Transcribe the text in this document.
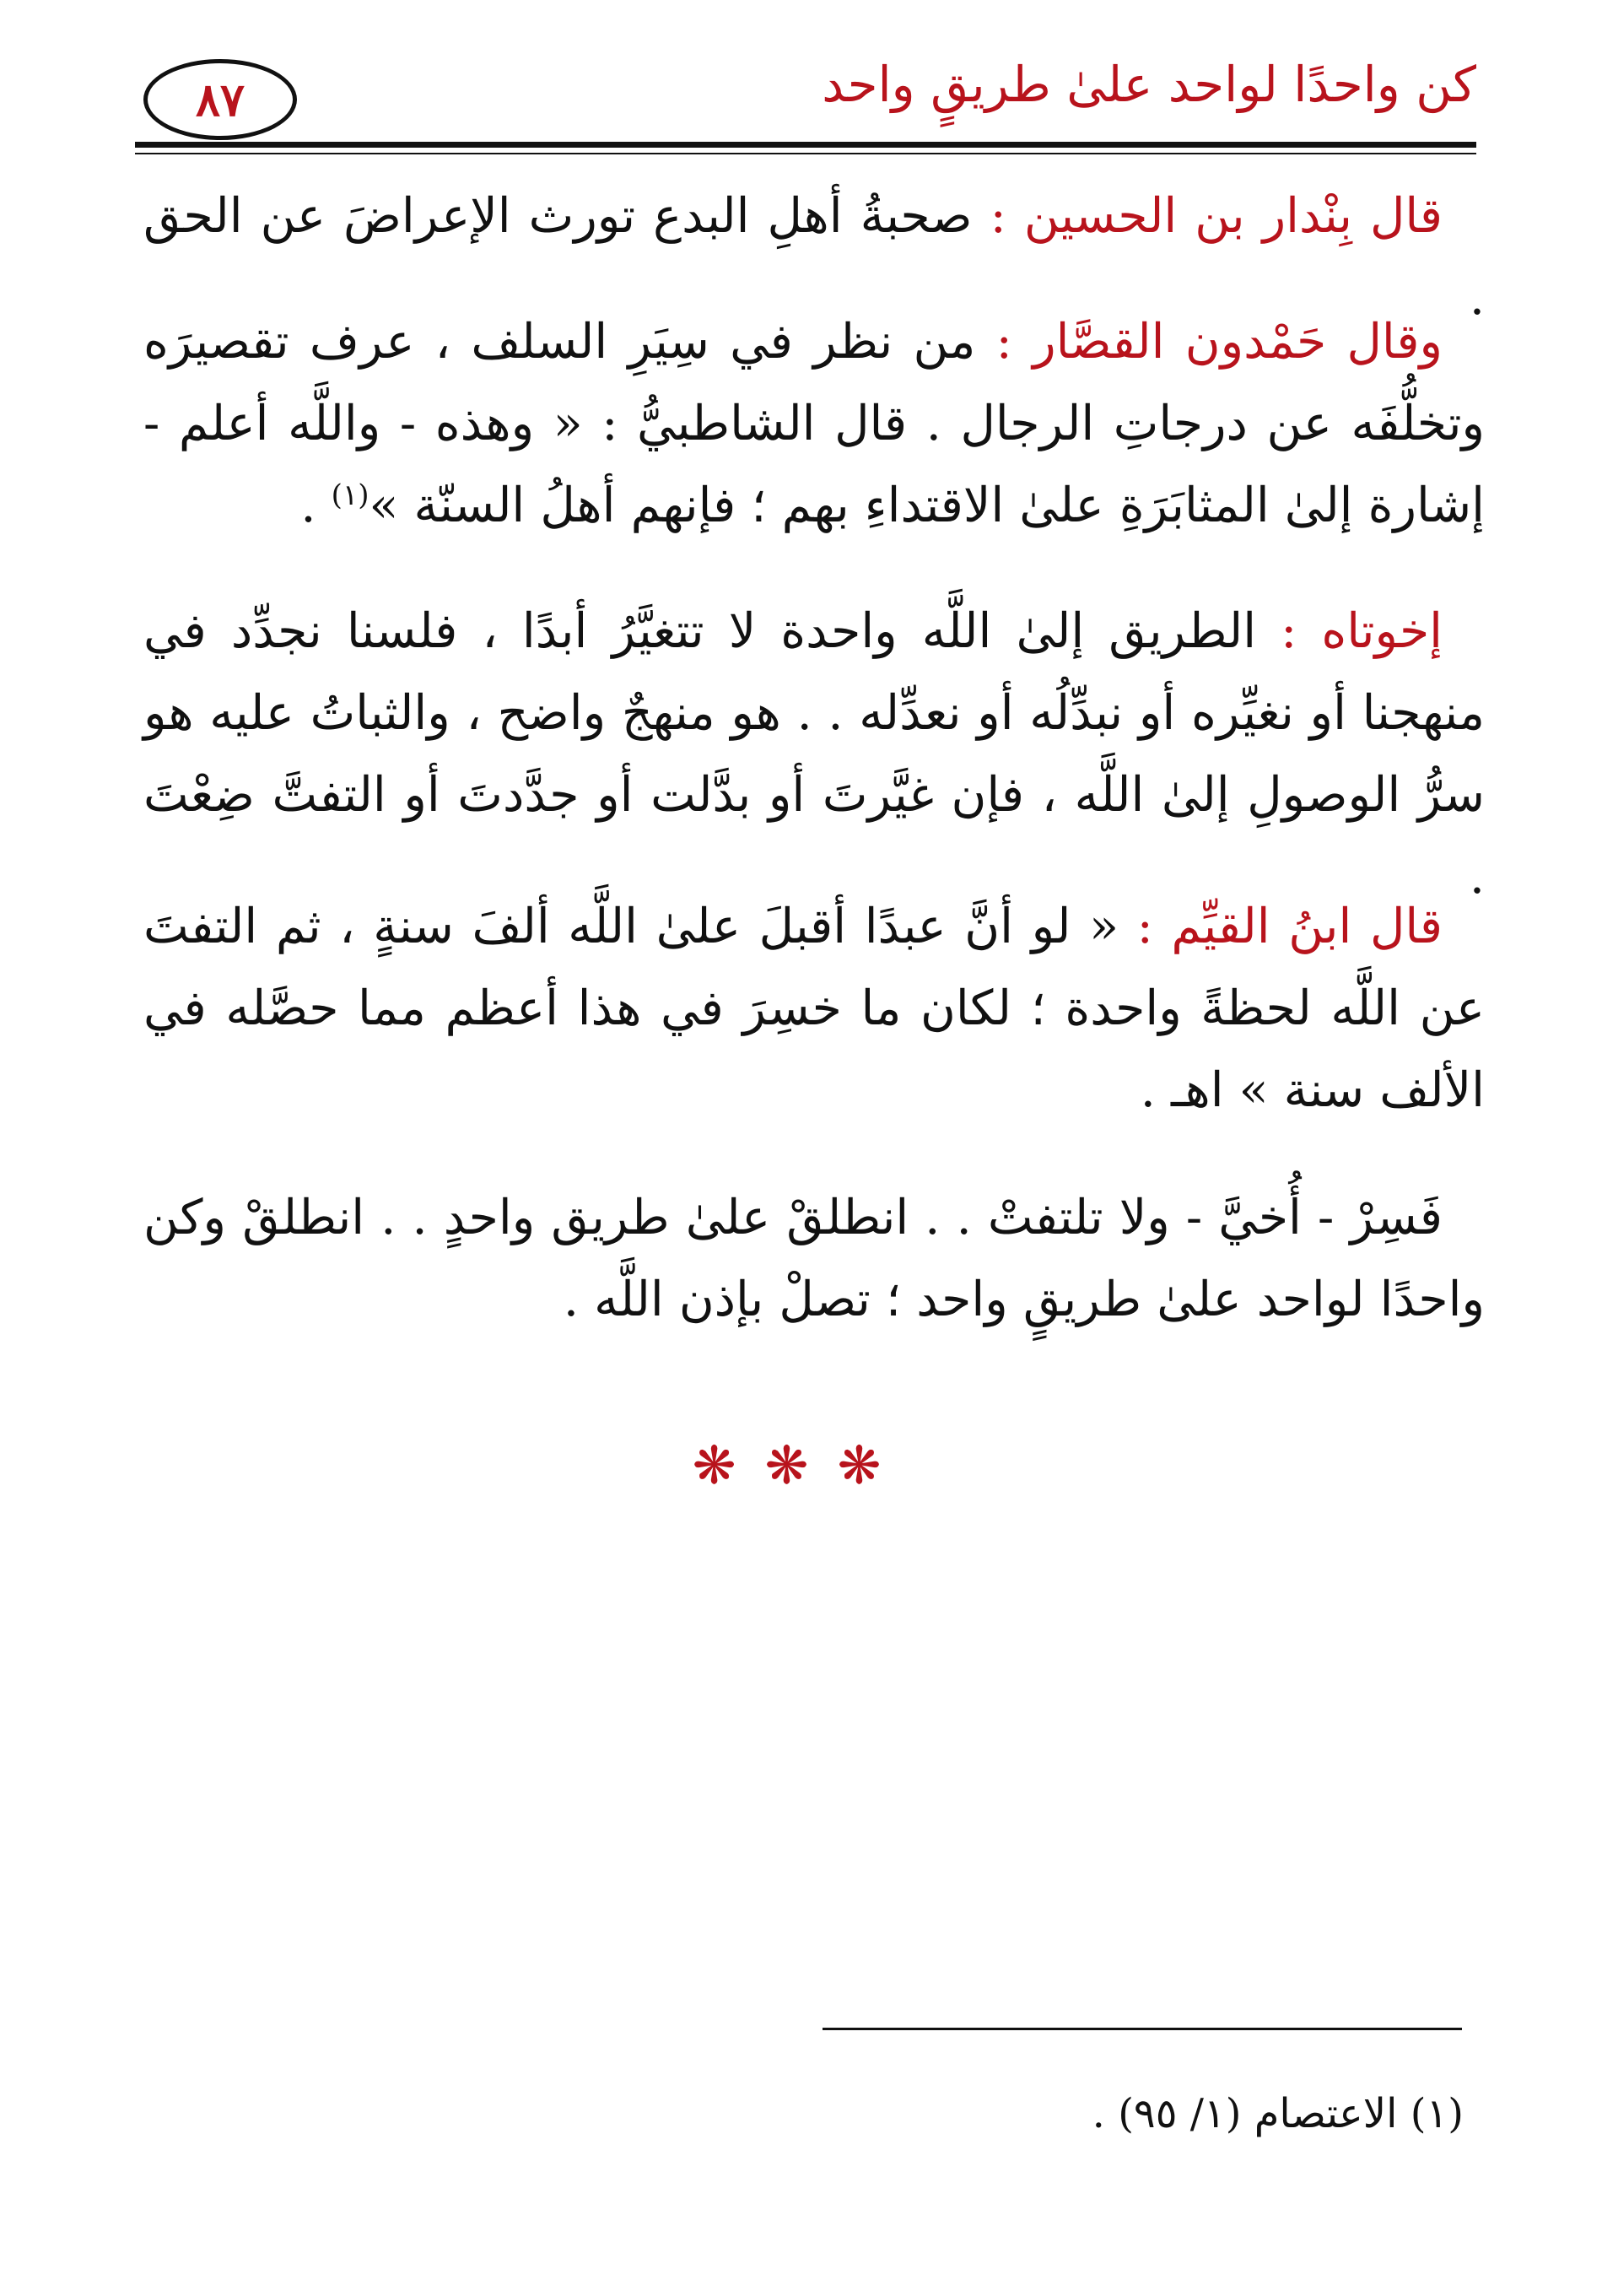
كن واحدًا لواحد علىٰ طريقٍ واحد
٨٧

قال بِنْدار بن الحسين : صحبةُ أهلِ البدع تورث الإعراضَ عن الحق .

وقال حَمْدون القصَّار : من نظر في سِيَرِ السلف ، عرف تقصيرَه وتخلُّفَه عن درجاتِ الرجال . قال الشاطبيُّ : « وهذه - واللَّه أعلم - إشارة إلىٰ المثابَرَةِ علىٰ الاقتداءِ بهم ؛ فإنهم أهلُ السنّة »$^{(١)}$ .

إخوتاه : الطريق إلىٰ اللَّه واحدة لا تتغيَّرُ أبدًا ، فلسنا نجدِّد في منهجنا أو نغيِّره أو نبدِّلُه أو نعدِّله . . هو منهجٌ واضح ، والثباتُ عليه هو سرُّ الوصولِ إلىٰ اللَّه ، فإن غيَّرتَ أو بدَّلت أو جدَّدتَ أو التفتَّ ضِعْتَ .

قال ابنُ القيِّم : « لو أنَّ عبدًا أقبلَ علىٰ اللَّه ألفَ سنةٍ ، ثم التفتَ عن اللَّه لحظةً واحدة ؛ لكان ما خسِرَ في هذا أعظم مما حصَّله في الألف سنة » اهـ .

فَسِرْ - أُخيَّ - ولا تلتفتْ . . انطلقْ علىٰ طريق واحدٍ . . انطلقْ وكن واحدًا لواحد علىٰ طريقٍ واحد ؛ تصلْ بإذن اللَّه .

❋❋❋
(١) الاعتصام (١/ ٩٥) .
